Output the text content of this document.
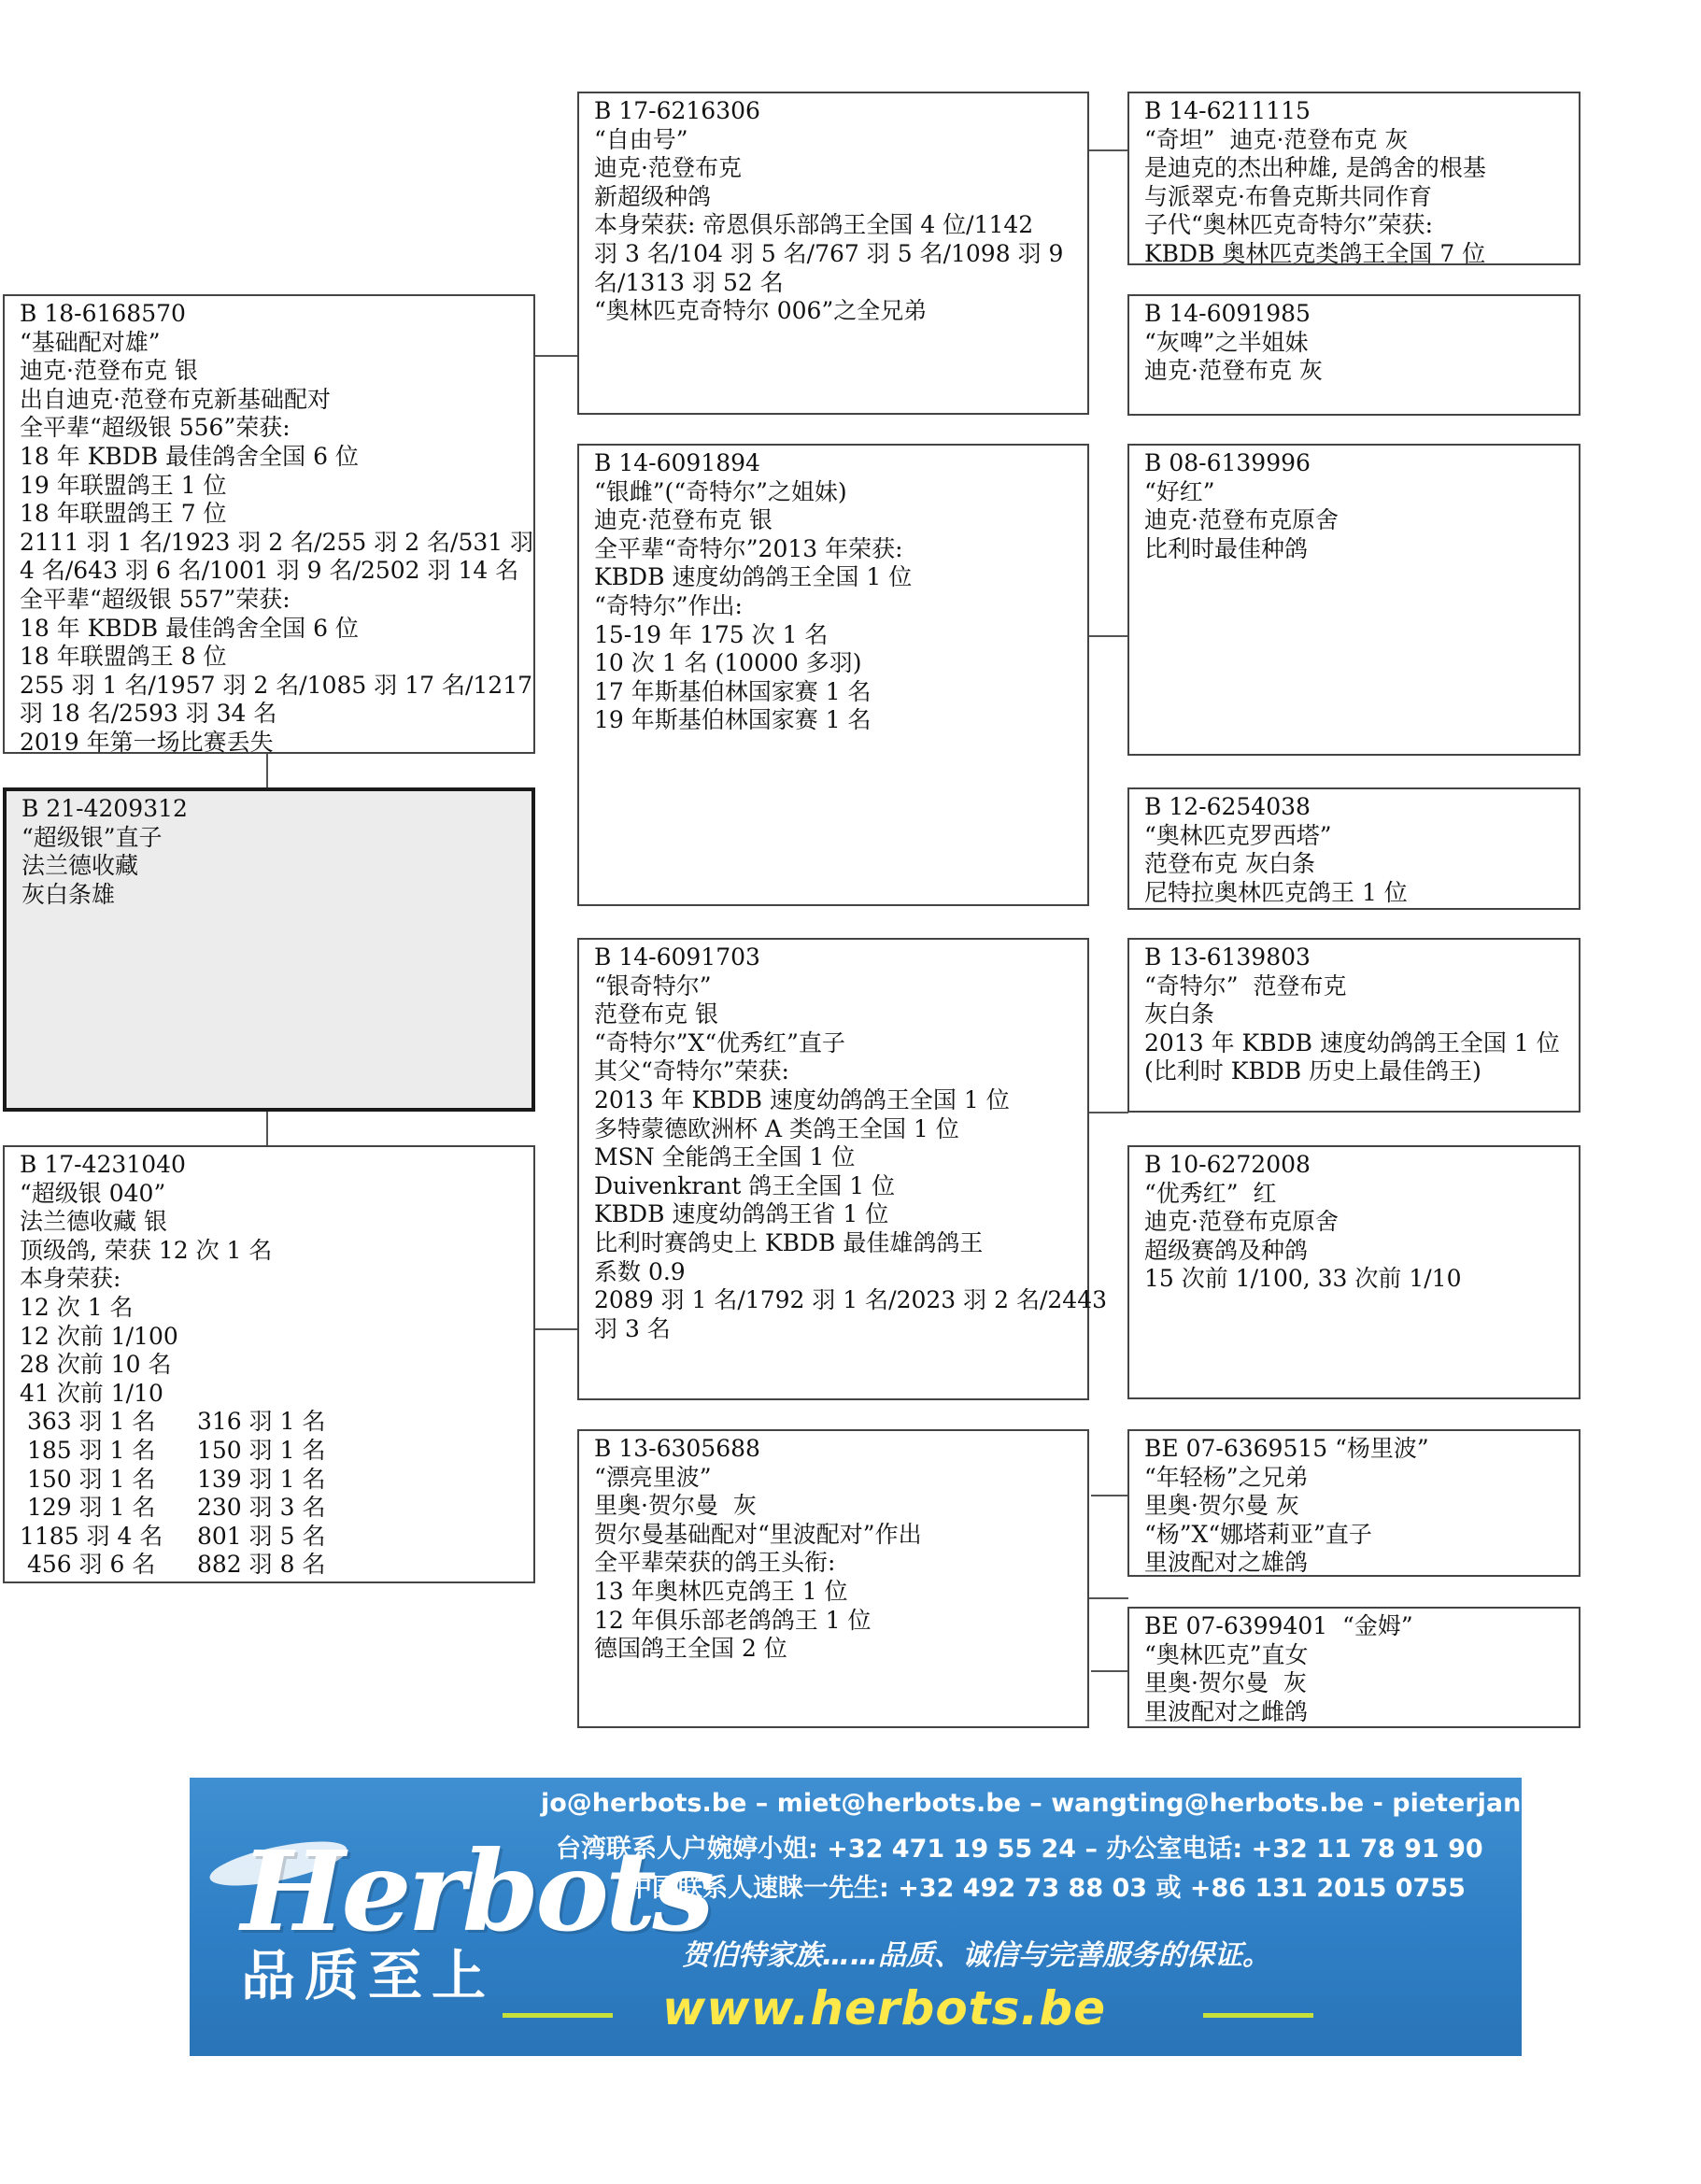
B 18-6168570
“基础配对雄”
迪克·范登布克 银
出自迪克·范登布克新基础配对
全平辈“超级银 556”荣获:
18 年 KBDB 最佳鸽舍全国 6 位
19 年联盟鸽王 1 位
18 年联盟鸽王 7 位
2111 羽 1 名/1923 羽 2 名/255 羽 2 名/531 羽
4 名/643 羽 6 名/1001 羽 9 名/2502 羽 14 名
全平辈“超级银 557”荣获:
18 年 KBDB 最佳鸽舍全国 6 位
18 年联盟鸽王 8 位
255 羽 1 名/1957 羽 2 名/1085 羽 17 名/1217
羽 18 名/2593 羽 34 名
2019 年第一场比赛丢失
B 21-4209312
“超级银”直子
法兰德收藏
灰白条雄
B 17-4231040
“超级银 040”
法兰德收藏 银
顶级鸽, 荣获 12 次 1 名
本身荣获:
12 次 1 名
12 次前 1/100
28 次前 10 名
41 次前 1/10
363 羽 1 名	316 羽 1 名
185 羽 1 名	150 羽 1 名
150 羽 1 名	139 羽 1 名
129 羽 1 名	230 羽 3 名
1185 羽 4 名	801 羽 5 名
456 羽 6 名	882 羽 8 名
B 17-6216306
“自由号”
迪克·范登布克
新超级种鸽
本身荣获: 帝恩俱乐部鸽王全国 4 位/1142
羽 3 名/104 羽 5 名/767 羽 5 名/1098 羽 9
名/1313 羽 52 名
“奥林匹克奇特尔 006”之全兄弟
B 14-6091894
“银雌”(“奇特尔”之姐妹)
迪克·范登布克 银
全平辈“奇特尔”2013 年荣获:
KBDB 速度幼鸽鸽王全国 1 位
“奇特尔”作出:
15-19 年 175 次 1 名
10 次 1 名 (10000 多羽)
17 年斯基伯林国家赛 1 名
19 年斯基伯林国家赛 1 名
B 14-6091703
“银奇特尔”
范登布克 银
“奇特尔”X“优秀红”直子
其父“奇特尔”荣获:
2013 年 KBDB 速度幼鸽鸽王全国 1 位
多特蒙德欧洲杯 A 类鸽王全国 1 位
MSN 全能鸽王全国 1 位
Duivenkrant 鸽王全国 1 位
KBDB 速度幼鸽鸽王省 1 位
比利时赛鸽史上 KBDB 最佳雄鸽鸽王
系数 0.9
2089 羽 1 名/1792 羽 1 名/2023 羽 2 名/2443
羽 3 名
B 13-6305688
“漂亮里波”
里奥·贺尔曼  灰
贺尔曼基础配对“里波配对”作出
全平辈荣获的鸽王头衔:
13 年奥林匹克鸽王 1 位
12 年俱乐部老鸽鸽王 1 位
德国鸽王全国 2 位
B 14-6211115
“奇坦”  迪克·范登布克 灰
是迪克的杰出种雄, 是鸽舍的根基
与派翠克·布鲁克斯共同作育
子代“奥林匹克奇特尔”荣获:
KBDB 奥林匹克类鸽王全国 7 位
B 14-6091985
“灰啤”之半姐妹
迪克·范登布克 灰
B 08-6139996
“好红”
迪克·范登布克原舍
比利时最佳种鸽
B 12-6254038
“奥林匹克罗西塔”
范登布克 灰白条
尼特拉奥林匹克鸽王 1 位
B 13-6139803
“奇特尔”  范登布克
灰白条
2013 年 KBDB 速度幼鸽鸽王全国 1 位
(比利时 KBDB 历史上最佳鸽王)
B 10-6272008
“优秀红”  红
迪克·范登布克原舍
超级赛鸽及种鸽
15 次前 1/100, 33 次前 1/10
BE 07-6369515 “杨里波”
“年轻杨”之兄弟
里奥·贺尔曼 灰
“杨”X“娜塔莉亚”直子
里波配对之雄鸽
BE 07-6399401  “金姆”
“奥林匹克”直女
里奥·贺尔曼  灰
里波配对之雌鸽
Herbots
品质至上
jo@herbots.be – miet@herbots.be – wangting@herbots.be - pieterjan@herbots.be
台湾联系人户婉婷小姐: +32 471 19 55 24 – 办公室电话: +32 11 78 91 90
中国联系人速睐一先生: +32 492 73 88 03 或 +86 131 2015 0755
贺伯特家族……品质、诚信与完善服务的保证。
www.herbots.be
